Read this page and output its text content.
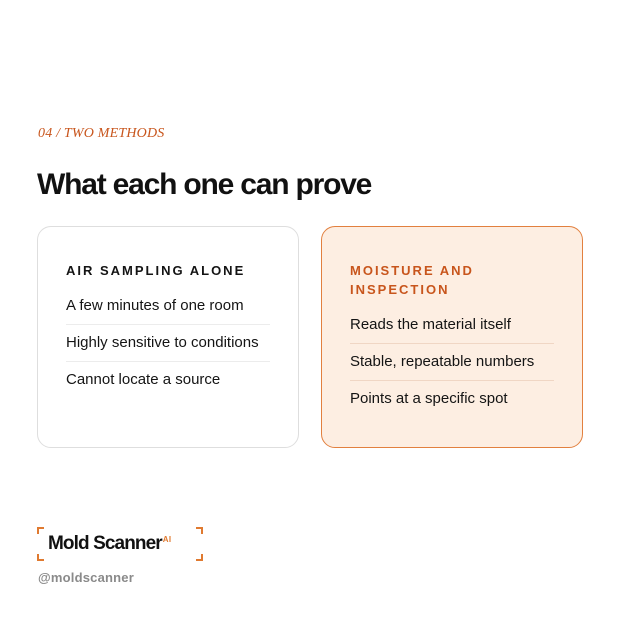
04 / TWO METHODS
What each one can prove
AIR SAMPLING ALONE
A few minutes of one room
Highly sensitive to conditions
Cannot locate a source
MOISTURE AND INSPECTION
Reads the material itself
Stable, repeatable numbers
Points at a specific spot
Mold Scanner$^{AI}$
@moldscanner
